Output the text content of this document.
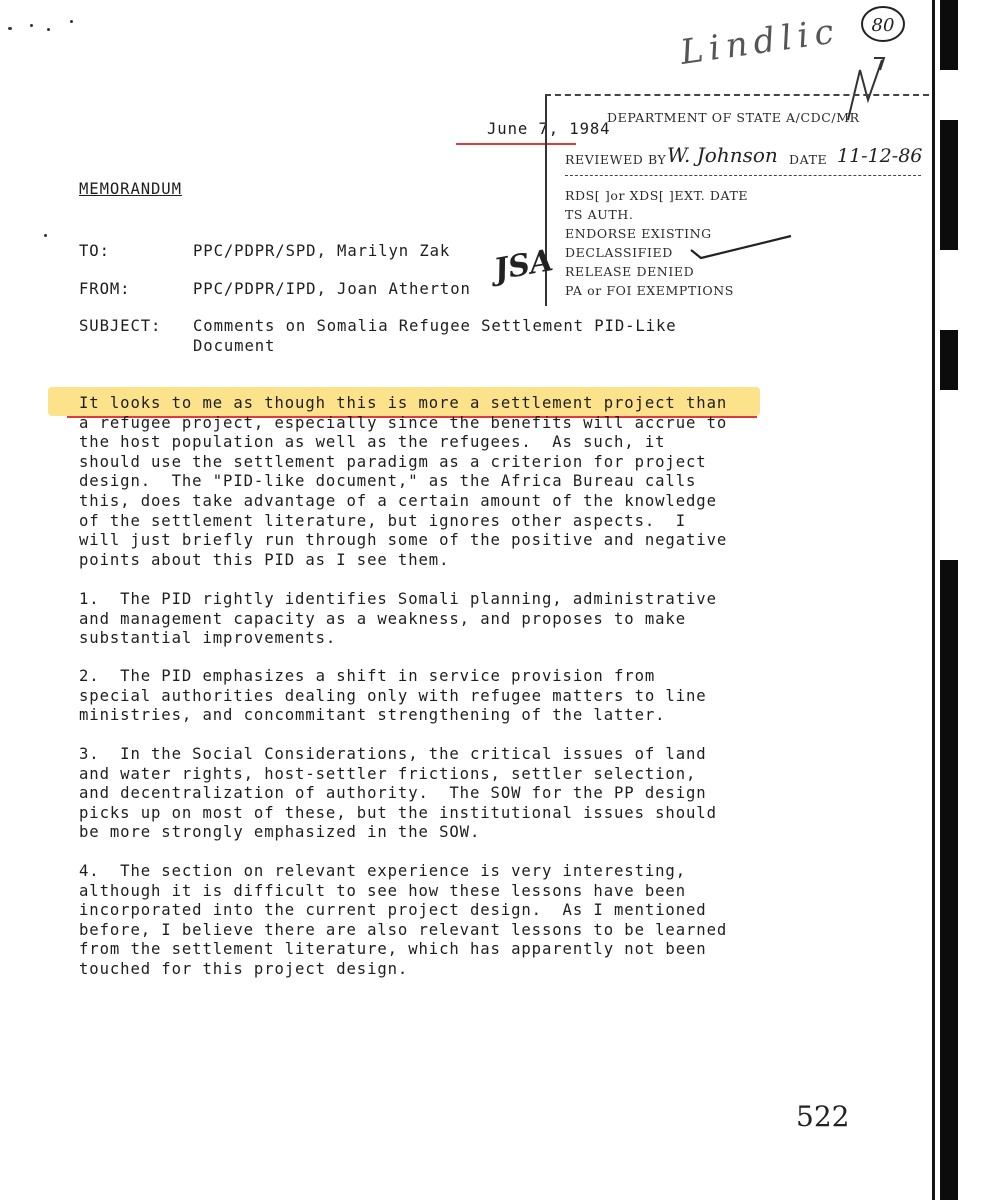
Lindlic 80
June 7, 1984
DEPARTMENT OF STATE A/CDC/MR
REVIEWED BY W. Johnson DATE 11-12-86
RDS[ ]or XDS[ ]EXT. DATE
TS AUTH.
ENDORSE EXISTING
DECLASSIFIED
RELEASE DENIED
PA or FOI EXEMPTIONS
MEMORANDUM
TO:	PPC/PDPR/SPD, Marilyn Zak
FROM:	PPC/PDPR/IPD, Joan Atherton
JSA
SUBJECT: Comments on Somalia Refugee Settlement PID-Like
Document
It looks to me as though this is more a settlement project than
a refugee project, especially since the benefits will accrue to
the host population as well as the refugees.  As such, it
should use the settlement paradigm as a criterion for project
design.  The "PID-like document," as the Africa Bureau calls
this, does take advantage of a certain amount of the knowledge
of the settlement literature, but ignores other aspects.  I
will just briefly run through some of the positive and negative
points about this PID as I see them.
1.  The PID rightly identifies Somali planning, administrative
and management capacity as a weakness, and proposes to make
substantial improvements.
2.  The PID emphasizes a shift in service provision from
special authorities dealing only with refugee matters to line
ministries, and concommitant strengthening of the latter.
3.  In the Social Considerations, the critical issues of land
and water rights, host-settler frictions, settler selection,
and decentralization of authority.  The SOW for the PP design
picks up on most of these, but the institutional issues should
be more strongly emphasized in the SOW.
4.  The section on relevant experience is very interesting,
although it is difficult to see how these lessons have been
incorporated into the current project design.  As I mentioned
before, I believe there are also relevant lessons to be learned
from the settlement literature, which has apparently not been
touched for this project design.
522
